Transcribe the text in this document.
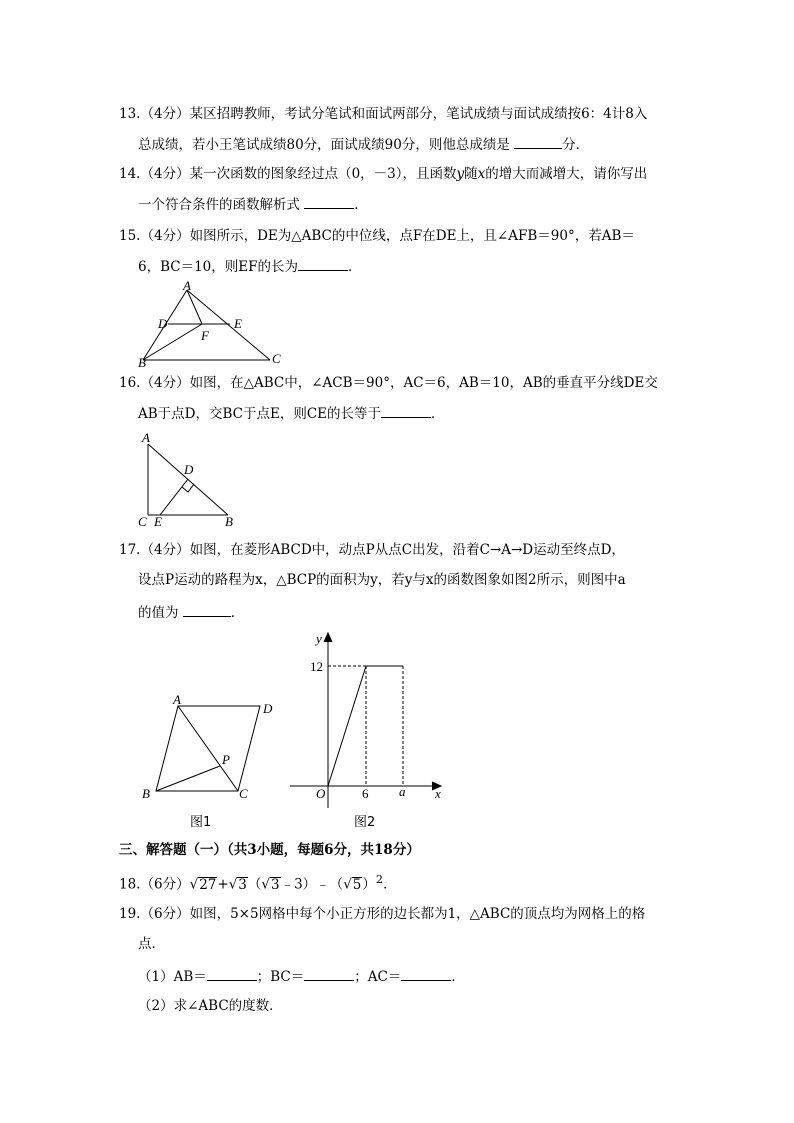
13.（4分）某区招聘教师，考试分笔试和面试两部分，笔试成绩与面试成绩按6：4计8入
总成绩，若小王笔试成绩80分，面试成绩90分，则他总成绩是	分．
14.（4分）某一次函数的图象经过点（0，－3），且函数y随x的增大而减增大，请你写出
一个符合条件的函数解析式	．
15.（4分）如图所示，DE为△ABC的中位线，点F在DE上，且∠AFB＝90°，若AB＝
6，BC＝10，则EF的长为	．
A
D	E
F
B	C
16.（4分）如图，在△ABC中，∠ACB＝90°，AC＝6，AB＝10，AB的垂直平分线DE交
AB于点D，交BC于点E，则CE的长等于	．
A
D
C E	B
17.（4分）如图，在菱形ABCD中，动点P从点C出发，沿着C→A→D运动至终点D，
设点P运动的路程为x，△BCP的面积为y，若y与x的函数图象如图2所示，则图中a
的值为	．
A
D
P
B	C
图1
y
12
O	6 a x
图2
三、解答题（一）（共3小题，每题6分，共18分）
18.（6分）$√27+√3(√3﹣3)﹣(√5)^2$．
19.（6分）如图，5×5网格中每个小正方形的边长都为1，△ABC的顶点均为网格上的格
点．
（1）AB＝	；BC＝	；AC＝	．
（2）求∠ABC的度数．
